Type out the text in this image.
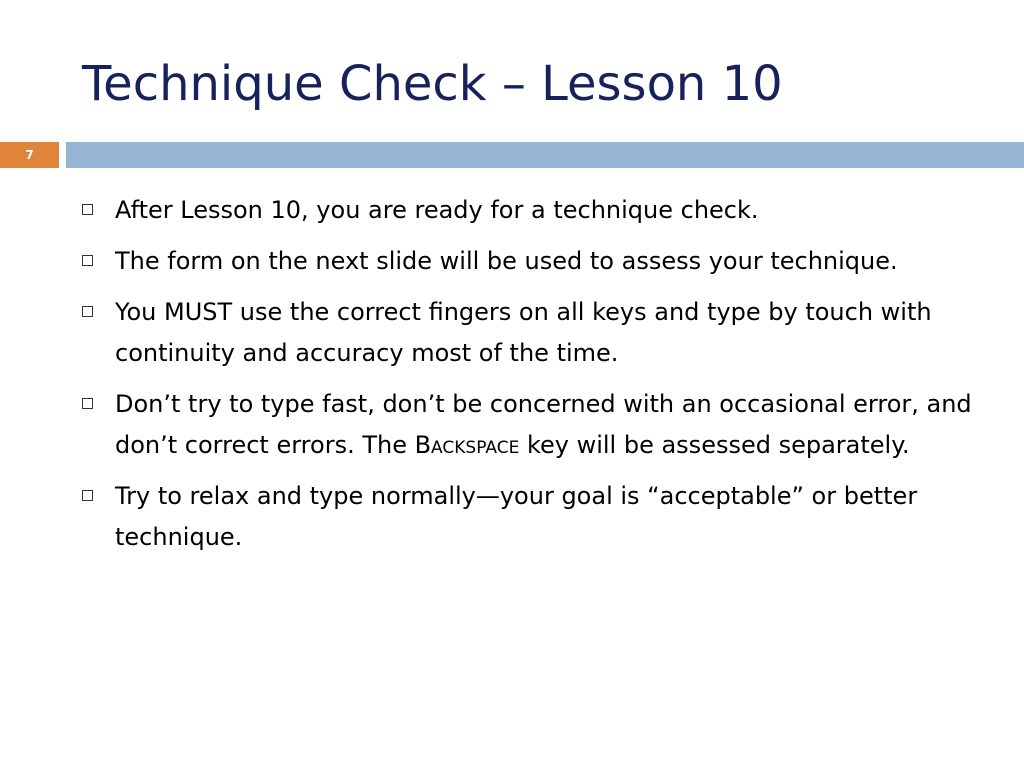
Technique Check – Lesson 10
7
After Lesson 10, you are ready for a technique check.
The form on the next slide will be used to assess your technique.
You MUST use the correct fingers on all keys and type by touch with continuity and accuracy most of the time.
Don’t try to type fast, don’t be concerned with an occasional error, and don’t correct errors. The Backspace key will be assessed separately.
Try to relax and type normally—your goal is “acceptable” or better technique.
